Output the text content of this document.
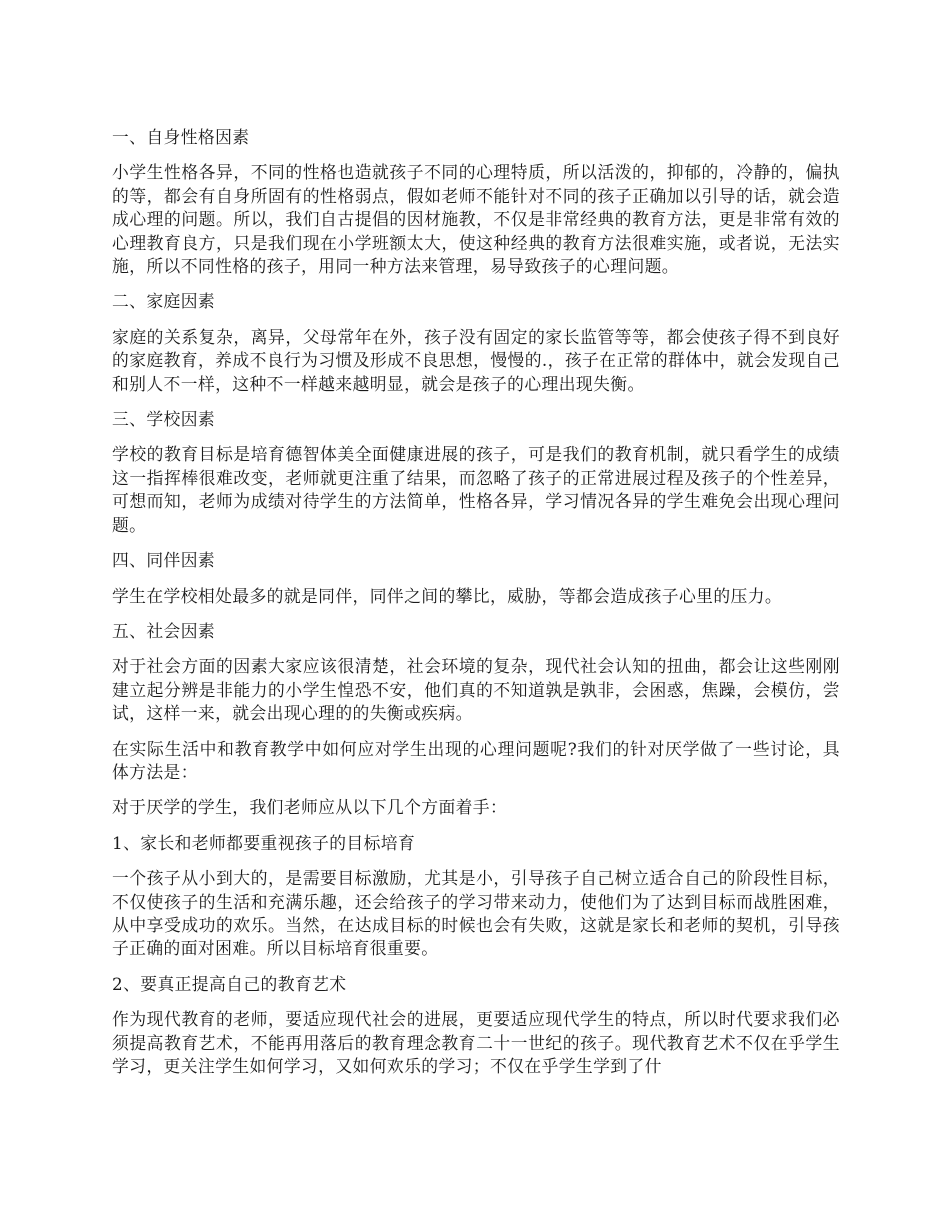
一、自身性格因素

小学生性格各异，不同的性格也造就孩子不同的心理特质，所以活泼的，抑郁的，冷静的，偏执的等，都会有自身所固有的性格弱点，假如老师不能针对不同的孩子正确加以引导的话，就会造成心理的问题。所以，我们自古提倡的因材施教，不仅是非常经典的教育方法，更是非常有效的心理教育良方，只是我们现在小学班额太大，使这种经典的教育方法很难实施，或者说，无法实施，所以不同性格的孩子，用同一种方法来管理，易导致孩子的心理问题。

二、家庭因素

家庭的关系复杂，离异，父母常年在外，孩子没有固定的家长监管等等，都会使孩子得不到良好的家庭教育，养成不良行为习惯及形成不良思想，慢慢的.，孩子在正常的群体中，就会发现自己和别人不一样，这种不一样越来越明显，就会是孩子的心理出现失衡。

三、学校因素

学校的教育目标是培育德智体美全面健康进展的孩子，可是我们的教育机制，就只看学生的成绩这一指挥棒很难改变，老师就更注重了结果，而忽略了孩子的正常进展过程及孩子的个性差异，可想而知，老师为成绩对待学生的方法简单，性格各异，学习情况各异的学生难免会出现心理问题。

四、同伴因素

学生在学校相处最多的就是同伴，同伴之间的攀比，威胁，等都会造成孩子心里的压力。

五、社会因素

对于社会方面的因素大家应该很清楚，社会环境的复杂，现代社会认知的扭曲，都会让这些刚刚建立起分辨是非能力的小学生惶恐不安，他们真的不知道孰是孰非，会困惑，焦躁，会模仿，尝试，这样一来，就会出现心理的的失衡或疾病。

在实际生活中和教育教学中如何应对学生出现的心理问题呢?我们的针对厌学做了一些讨论，具体方法是：

对于厌学的学生，我们老师应从以下几个方面着手：

1、家长和老师都要重视孩子的目标培育

一个孩子从小到大的，是需要目标激励，尤其是小，引导孩子自己树立适合自己的阶段性目标，不仅使孩子的生活和充满乐趣，还会给孩子的学习带来动力，使他们为了达到目标而战胜困难，从中享受成功的欢乐。当然，在达成目标的时候也会有失败，这就是家长和老师的契机，引导孩子正确的面对困难。所以目标培育很重要。

2、要真正提高自己的教育艺术

作为现代教育的老师，要适应现代社会的进展，更要适应现代学生的特点，所以时代要求我们必须提高教育艺术，不能再用落后的教育理念教育二十一世纪的孩子。现代教育艺术不仅在乎学生学习，更关注学生如何学习，又如何欢乐的学习；不仅在乎学生学到了什
